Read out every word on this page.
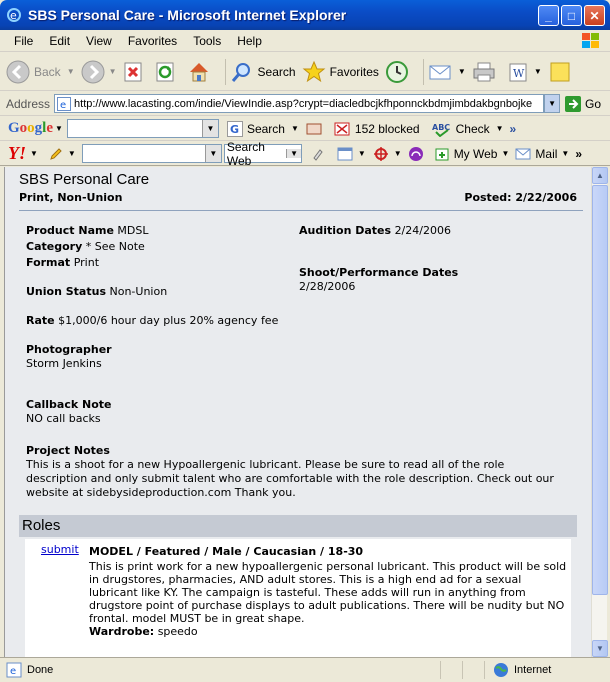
e SBS Personal Care - Microsoft Internet Explorer	_	□	✕
File	Edit	View	Favorites	Tools	Help
Back ▼	▼	Search	Favorites	▼	W ▼
Address e http://www.lacasting.com/indie/ViewIndie.asp?crypt=diacledbcjkfhponnckbdmjimbdakbgnbojke	▼	Go
Google ▼	▼	G Search ▼	152 blocked ABC Check ▼ »
Y! ▼	▼	▼ Search Web	▼	▼	▼	My Web ▼ Mail ▼ »
SBS Personal Care
Print, Non-Union	Posted: 2/22/2006
Product Name MDSL
Category * See Note
Format Print
Union Status Non-Union
Rate $1,000/6 hour day plus 20% agency fee
Photographer
Storm Jenkins
Callback Note
NO call backs
Project Notes
This is a shoot for a new Hypoallergenic lubricant. Please be sure to read all of the role description and only submit talent who are comfortable with the role description. Check out our website at sidebysideproduction.com Thank you.
Audition Dates 2/24/2006
Shoot/Performance Dates
2/28/2006
Roles
submit MODEL / Featured / Male / Caucasian / 18-30
This is print work for a new hypoallergenic personal lubricant. This product will be sold in drugstores, pharmacies, AND adult stores. This is a high end ad for a sexual lubricant like KY. The campaign is tasteful. These adds will run in anything from drugstore point of purchase displays to adult publications. There will be nudity but NO frontal. model MUST be in great shape.
Wardrobe: speedo
▲
▼
e Done	Internet
